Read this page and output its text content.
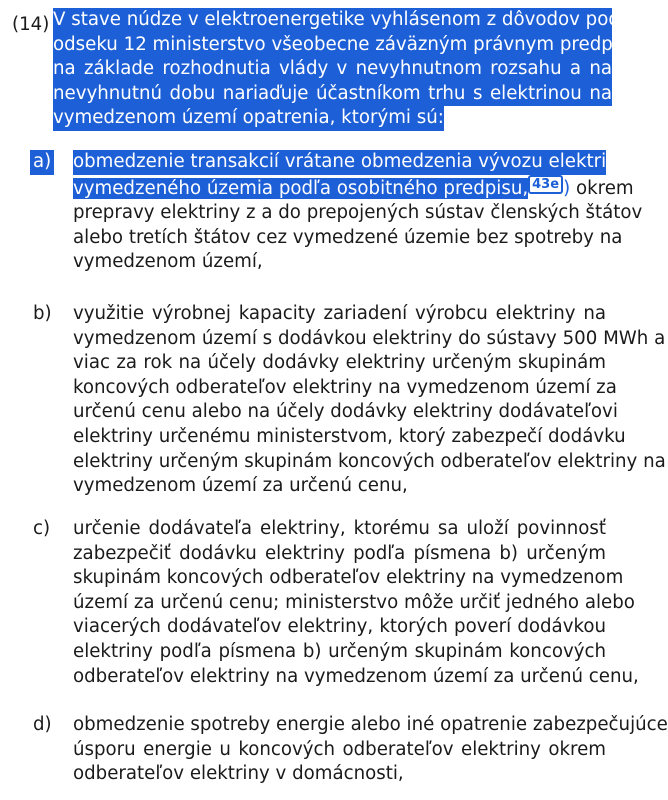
(14) V stave núdze v elektroenergetike vyhlásenom z dôvodov podľa
odseku 12 ministerstvo všeobecne záväzným právnym predpisom
na základe rozhodnutia vlády v nevyhnutnom rozsahu a na
nevyhnutnú dobu nariaďuje účastníkom trhu s elektrinou na
vymedzenom území opatrenia, ktorými sú:
a) obmedzenie transakcií vrátane obmedzenia vývozu elektriny z
vymedzeného územia podľa osobitného predpisu, 43e ) okrem
prepravy elektriny z a do prepojených sústav členských štátov
alebo tretích štátov cez vymedzené územie bez spotreby na
vymedzenom území,
b) využitie výrobnej kapacity zariadení výrobcu elektriny na
vymedzenom území s dodávkou elektriny do sústavy 500 MWh a
viac za rok na účely dodávky elektriny určeným skupinám
koncových odberateľov elektriny na vymedzenom území za
určenú cenu alebo na účely dodávky elektriny dodávateľovi
elektriny určenému ministerstvom, ktorý zabezpečí dodávku
elektriny určeným skupinám koncových odberateľov elektriny na
vymedzenom území za určenú cenu,
c) určenie dodávateľa elektriny, ktorému sa uloží povinnosť
zabezpečiť dodávku elektriny podľa písmena b) určeným
skupinám koncových odberateľov elektriny na vymedzenom
území za určenú cenu; ministerstvo môže určiť jedného alebo
viacerých dodávateľov elektriny, ktorých poverí dodávkou
elektriny podľa písmena b) určeným skupinám koncových
odberateľov elektriny na vymedzenom území za určenú cenu,
d) obmedzenie spotreby energie alebo iné opatrenie zabezpečujúce
úsporu energie u koncových odberateľov elektriny okrem
odberateľov elektriny v domácnosti,
